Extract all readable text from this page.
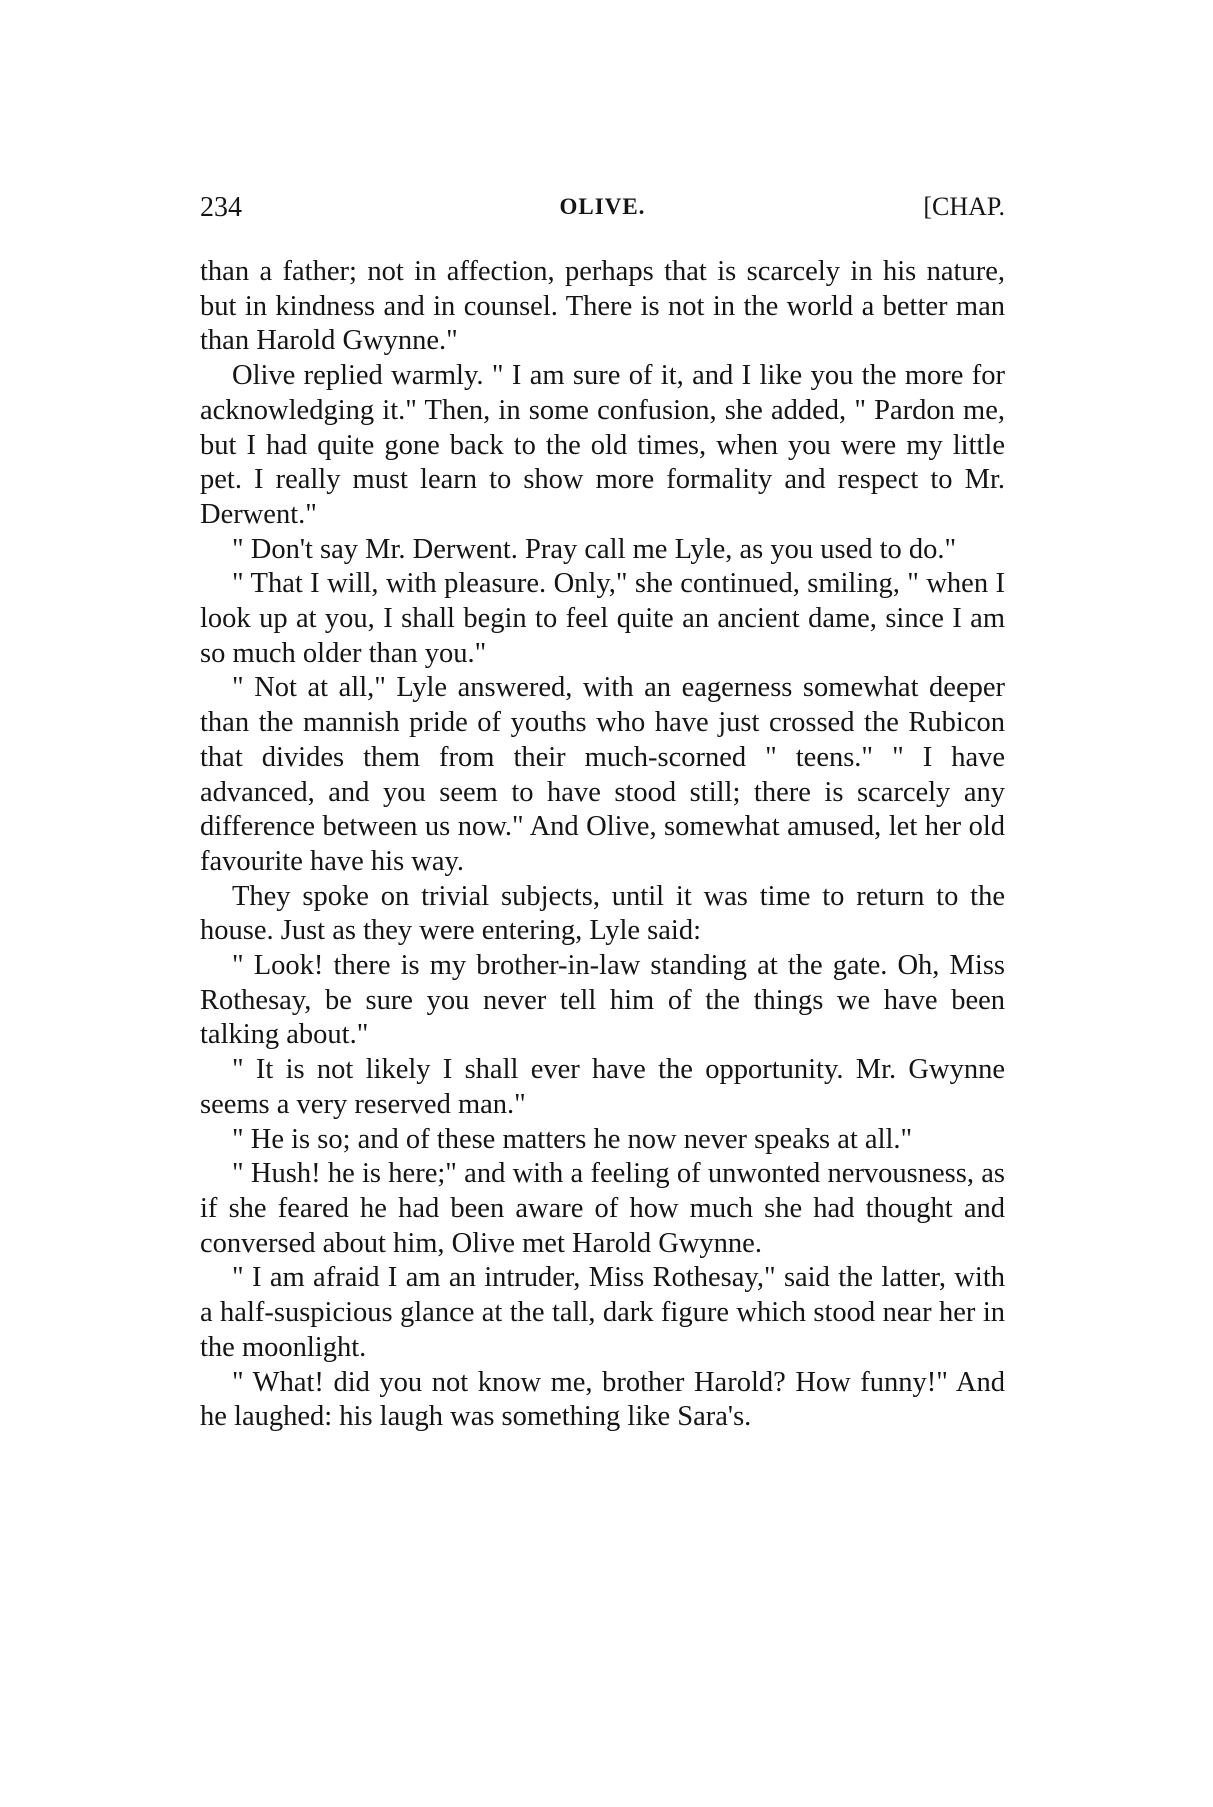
234	OLIVE.	[CHAP.

than a father; not in affection, perhaps that is scarcely in his nature, but in kindness and in counsel. There is not in the world a better man than Harold Gwynne."

Olive replied warmly. " I am sure of it, and I like you the more for acknowledging it." Then, in some confusion, she added, " Pardon me, but I had quite gone back to the old times, when you were my little pet. I really must learn to show more formality and respect to Mr. Derwent."

" Don't say Mr. Derwent. Pray call me Lyle, as you used to do."

" That I will, with pleasure. Only," she continued, smiling, " when I look up at you, I shall begin to feel quite an ancient dame, since I am so much older than you."

" Not at all," Lyle answered, with an eagerness somewhat deeper than the mannish pride of youths who have just crossed the Rubicon that divides them from their much-scorned " teens." " I have advanced, and you seem to have stood still; there is scarcely any difference between us now." And Olive, somewhat amused, let her old favourite have his way.

They spoke on trivial subjects, until it was time to return to the house. Just as they were entering, Lyle said:

" Look! there is my brother-in-law standing at the gate. Oh, Miss Rothesay, be sure you never tell him of the things we have been talking about."

" It is not likely I shall ever have the opportunity. Mr. Gwynne seems a very reserved man."

" He is so; and of these matters he now never speaks at all."

" Hush! he is here;" and with a feeling of unwonted nervousness, as if she feared he had been aware of how much she had thought and conversed about him, Olive met Harold Gwynne.

" I am afraid I am an intruder, Miss Rothesay," said the latter, with a half-suspicious glance at the tall, dark figure which stood near her in the moonlight.

" What! did you not know me, brother Harold? How funny!" And he laughed: his laugh was something like Sara's.
